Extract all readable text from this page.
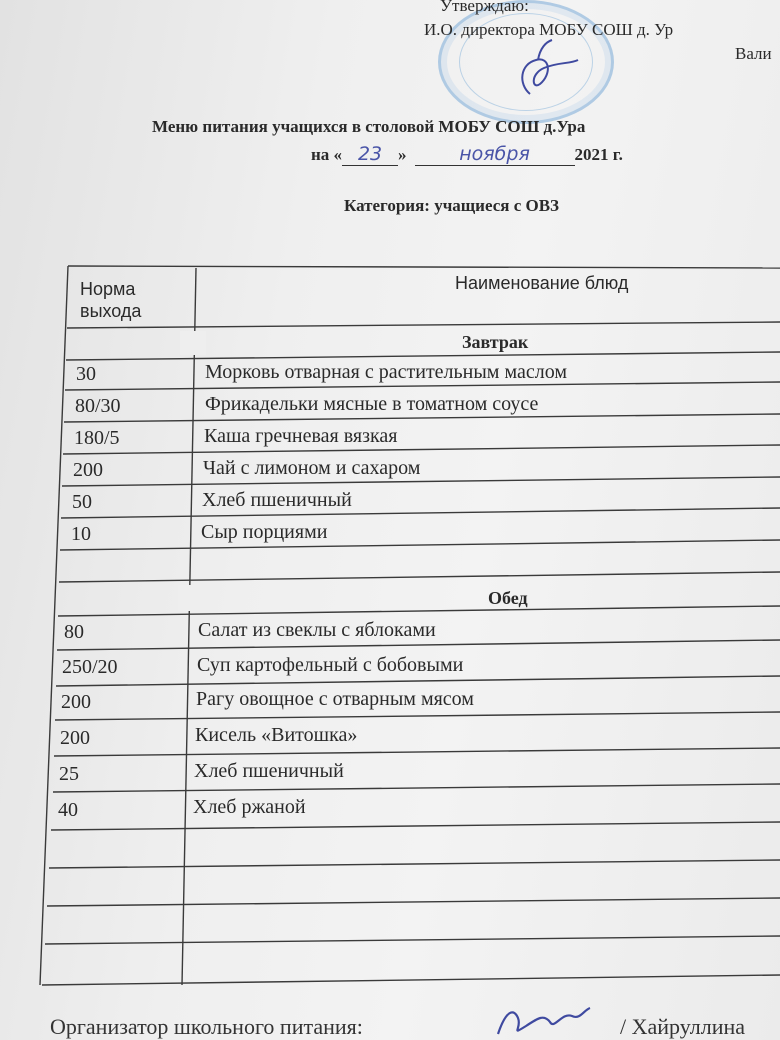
Утверждаю:
И.О. директора МОБУ СОШ д. Ур
Вали
Меню питания учащихся в столовой МОБУ СОШ д.Ура
на « 23 »	ноября	2021 г.
Категория: учащиеся с ОВЗ
Норма
выхода
Наименование блюд
Завтрак
30	Морковь отварная с растительным маслом
80/30	Фрикадельки мясные в томатном соусе
180/5	Каша гречневая вязкая
200	Чай с лимоном и сахаром
50	Хлеб пшеничный
10	Сыр порциями
Обед
80	Салат из свеклы с яблоками
250/20	Суп картофельный с бобовыми
200	Рагу овощное с отварным мясом
200	Кисель «Витошка»
25	Хлеб пшеничный
40	Хлеб ржаной
Организатор школьного питания:	/ Хайруллина
